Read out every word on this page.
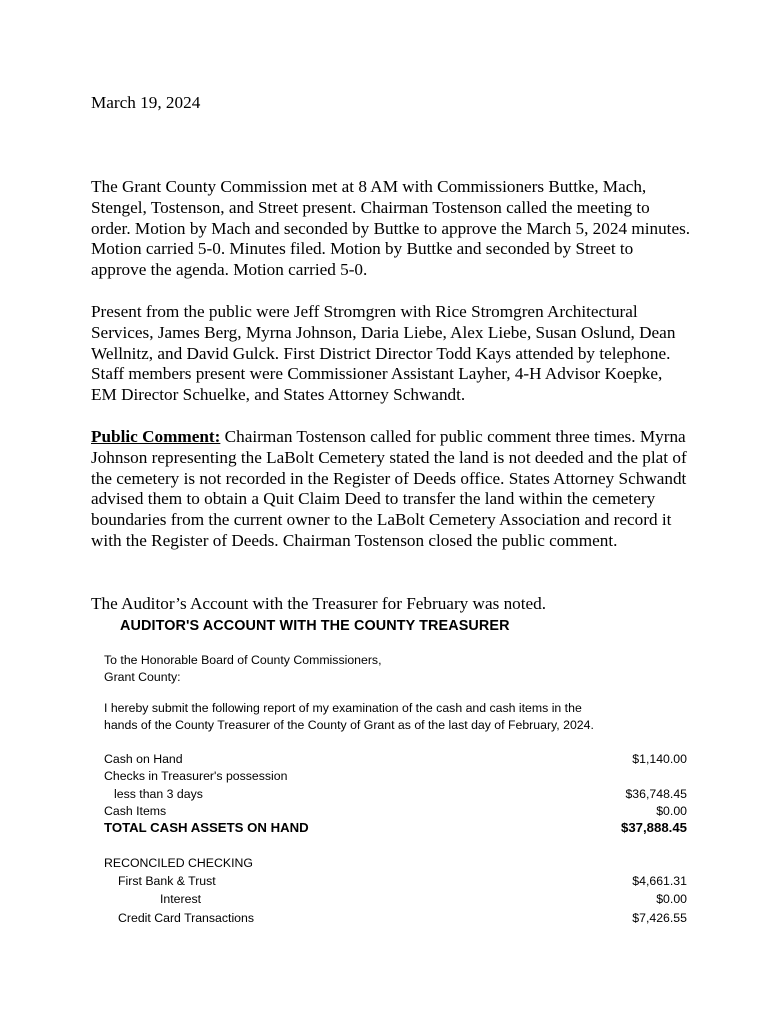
March 19, 2024

The Grant County Commission met at 8 AM with Commissioners Buttke, Mach, Stengel, Tostenson, and Street present. Chairman Tostenson called the meeting to order. Motion by Mach and seconded by Buttke to approve the March 5, 2024 minutes. Motion carried 5-0. Minutes filed. Motion by Buttke and seconded by Street to approve the agenda. Motion carried 5-0.

Present from the public were Jeff Stromgren with Rice Stromgren Architectural Services, James Berg, Myrna Johnson, Daria Liebe, Alex Liebe, Susan Oslund, Dean Wellnitz, and David Gulck. First District Director Todd Kays attended by telephone. Staff members present were Commissioner Assistant Layher, 4-H Advisor Koepke, EM Director Schuelke, and States Attorney Schwandt.

Public Comment: Chairman Tostenson called for public comment three times. Myrna Johnson representing the LaBolt Cemetery stated the land is not deeded and the plat of the cemetery is not recorded in the Register of Deeds office. States Attorney Schwandt advised them to obtain a Quit Claim Deed to transfer the land within the cemetery boundaries from the current owner to the LaBolt Cemetery Association and record it with the Register of Deeds. Chairman Tostenson closed the public comment.

The Auditor’s Account with the Treasurer for February was noted.

AUDITOR'S ACCOUNT WITH THE COUNTY TREASURER
To the Honorable Board of County Commissioners,
Grant County:
I hereby submit the following report of my examination of the cash and cash items in the
hands of the County Treasurer of the County of Grant as of the last day of February, 2024.
Cash on Hand	$1,140.00
Checks in Treasurer's possession
less than 3 days	$36,748.45
Cash Items	$0.00
TOTAL CASH ASSETS ON HAND	$37,888.45
RECONCILED CHECKING
First Bank & Trust	$4,661.31
Interest	$0.00
Credit Card Transactions	$7,426.55
